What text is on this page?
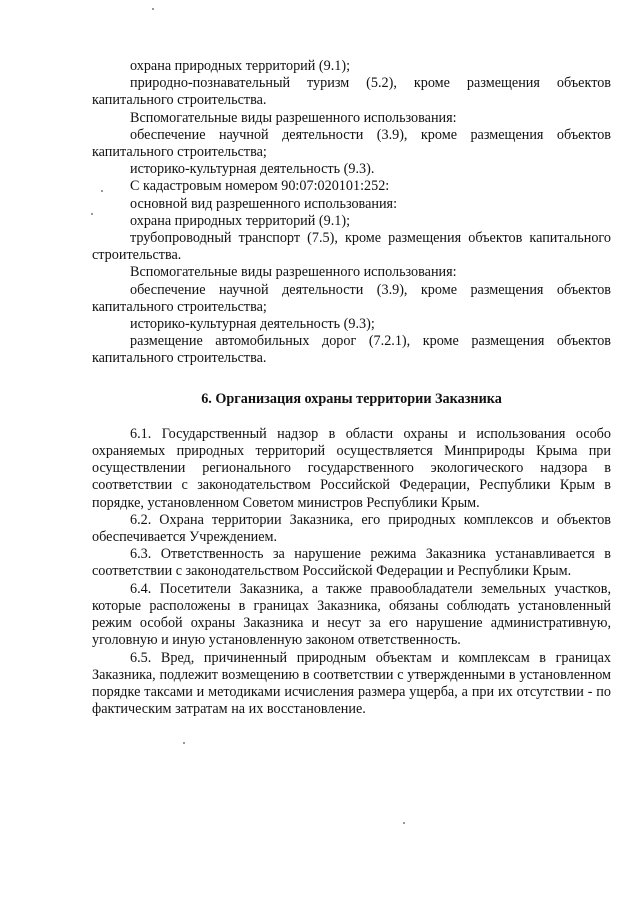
охрана природных территорий (9.1);

природно-познавательный туризм (5.2), кроме размещения объектов капитального строительства.

Вспомогательные виды разрешенного использования:

обеспечение научной деятельности (3.9), кроме размещения объектов капитального строительства;

историко-культурная деятельность (9.3).

С кадастровым номером 90:07:020101:252:

основной вид разрешенного использования:

охрана природных территорий (9.1);

трубопроводный транспорт (7.5), кроме размещения объектов капитального строительства.

Вспомогательные виды разрешенного использования:

обеспечение научной деятельности (3.9), кроме размещения объектов капитального строительства;

историко-культурная деятельность (9.3);

размещение автомобильных дорог (7.2.1), кроме размещения объектов капитального строительства.

6. Организация охраны территории Заказника

6.1. Государственный надзор в области охраны и использования особо охраняемых природных территорий осуществляется Минприроды Крыма при осуществлении регионального государственного экологического надзора в соответствии с законодательством Российской Федерации, Республики Крым в порядке, установленном Советом министров Республики Крым.

6.2. Охрана территории Заказника, его природных комплексов и объектов обеспечивается Учреждением.

6.3. Ответственность за нарушение режима Заказника устанавливается в соответствии с законодательством Российской Федерации и Республики Крым.

6.4. Посетители Заказника, а также правообладатели земельных участков, которые расположены в границах Заказника, обязаны соблюдать установленный режим особой охраны Заказника и несут за его нарушение административную, уголовную и иную установленную законом ответственность.

6.5. Вред, причиненный природным объектам и комплексам в границах Заказника, подлежит возмещению в соответствии с утвержденными в установленном порядке таксами и методиками исчисления размера ущерба, а при их отсутствии - по фактическим затратам на их восстановление.
